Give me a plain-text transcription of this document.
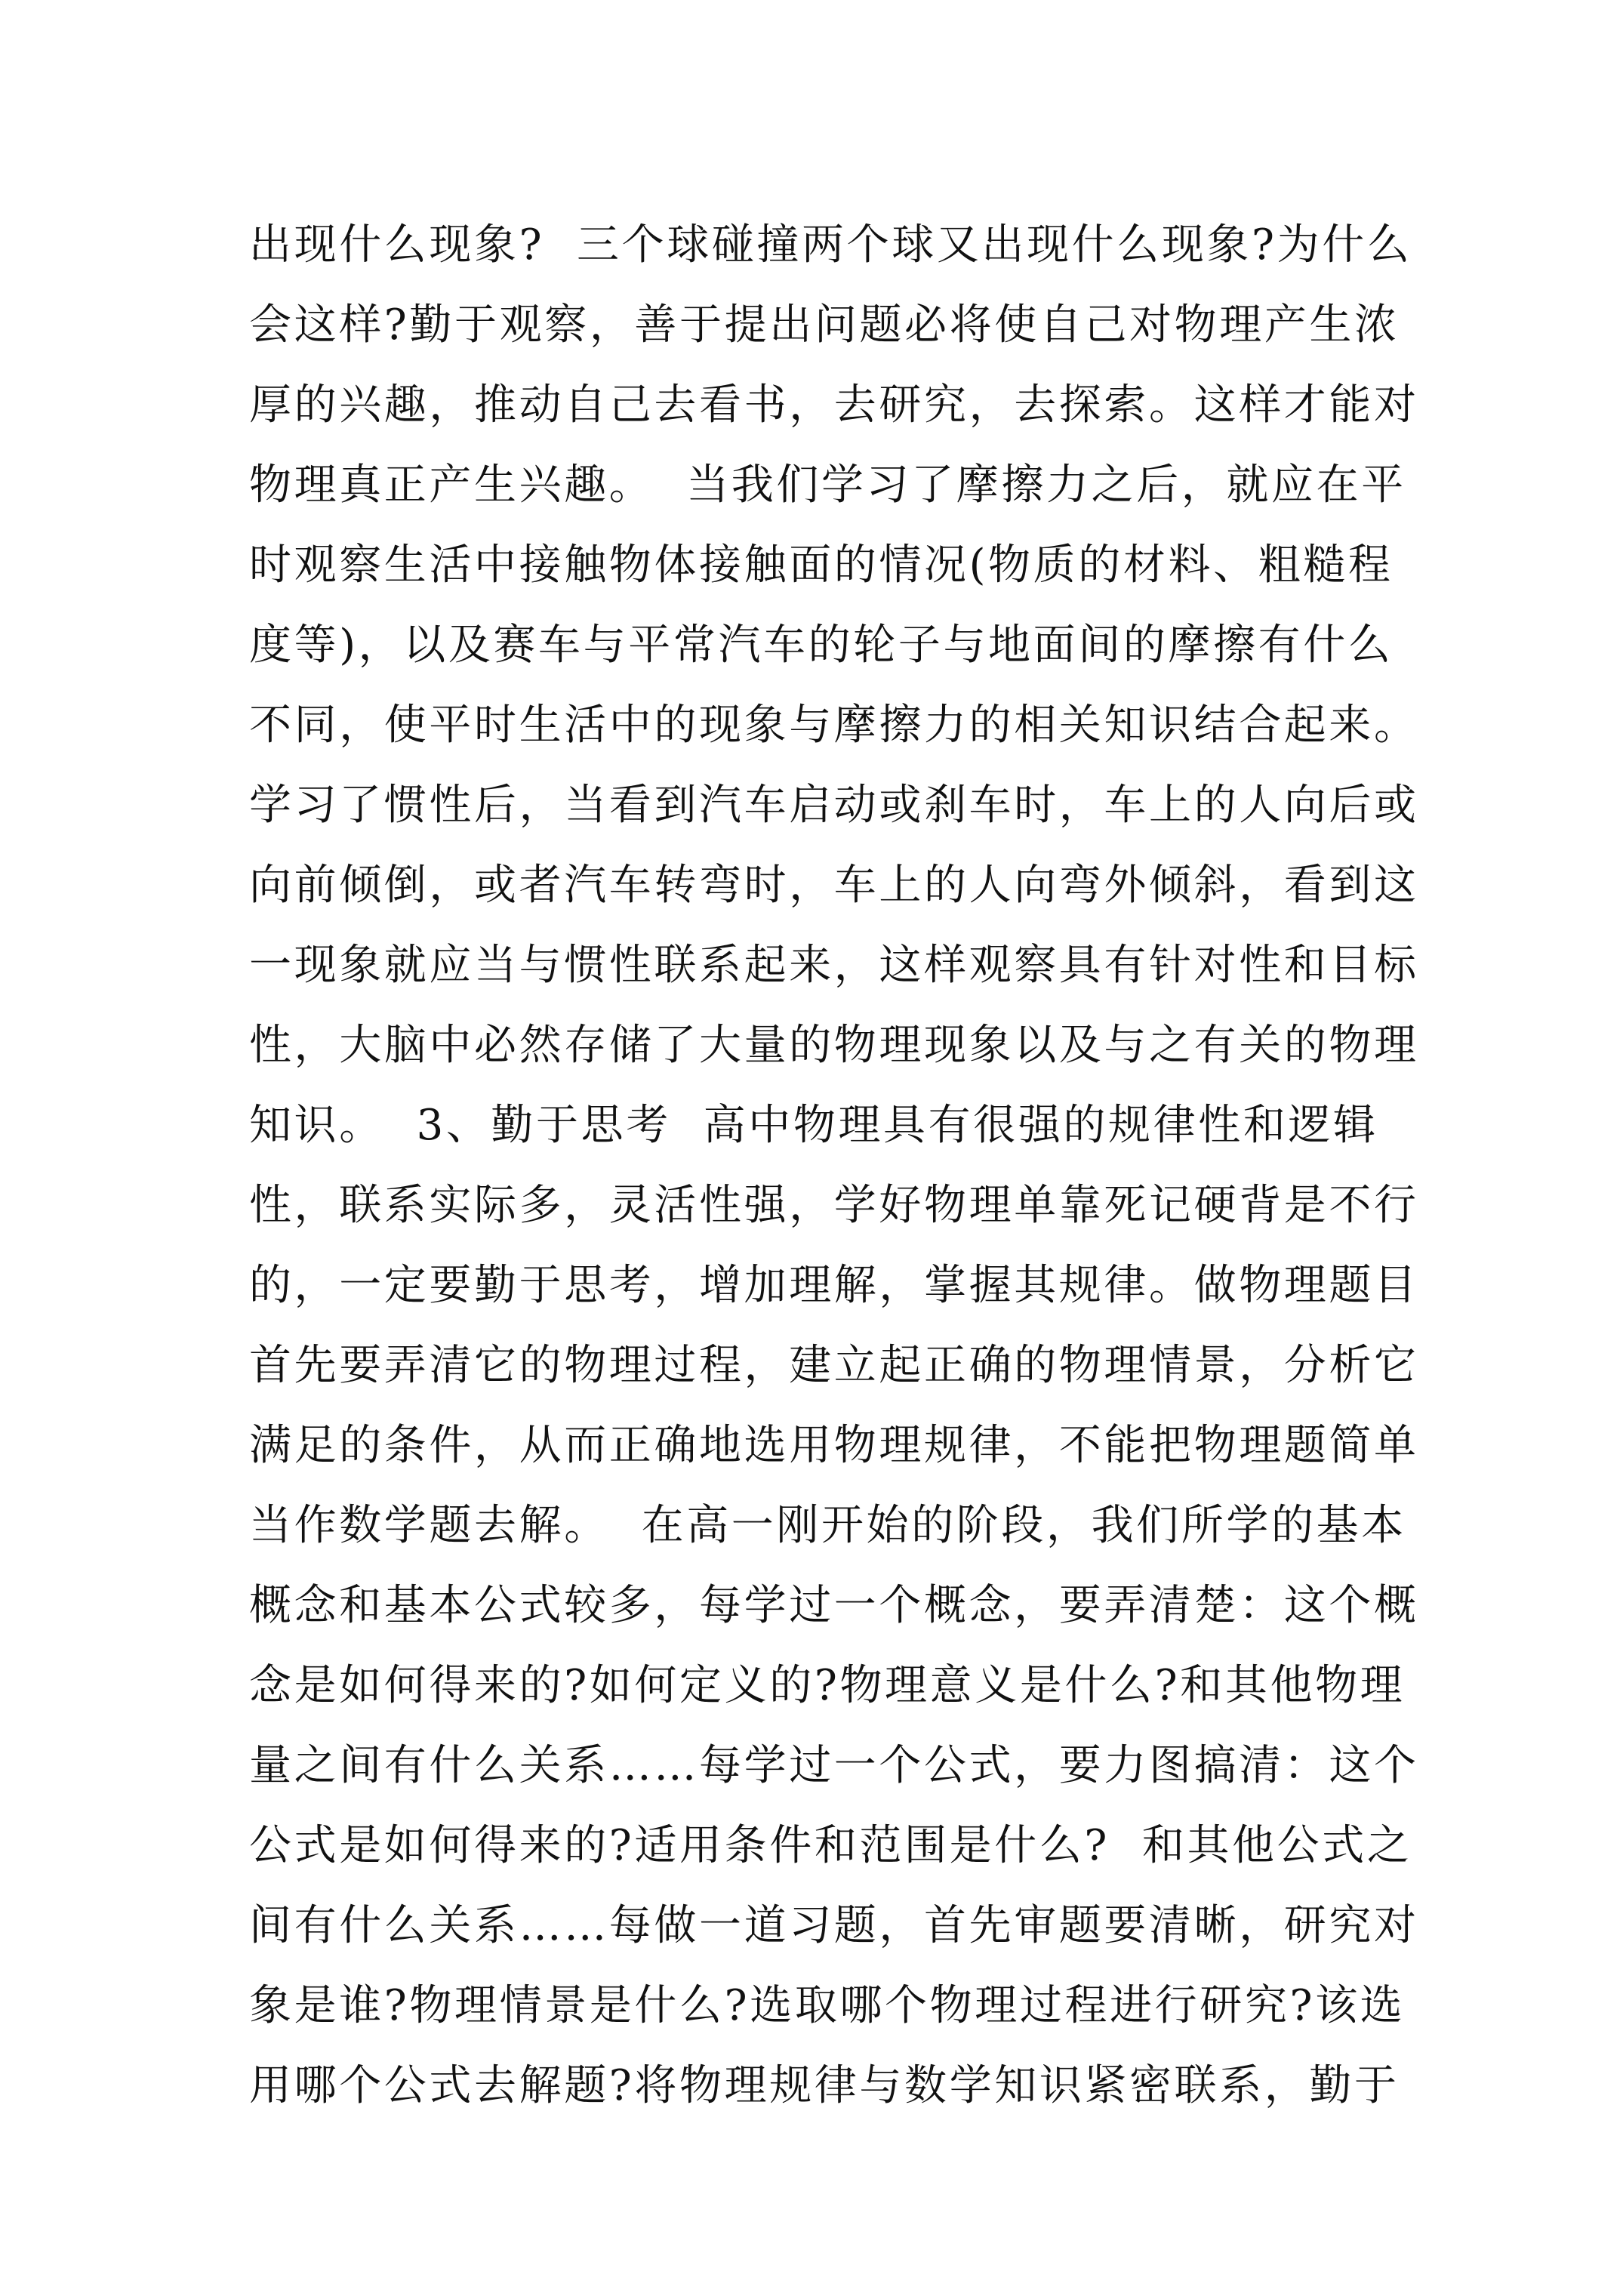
出现什么现象?  三个球碰撞两个球又出现什么现象?为什么
会这样?勤于观察，善于提出问题必将使自己对物理产生浓
厚的兴趣，推动自己去看书，去研究，去探索。这样才能对
物理真正产生兴趣。  当我们学习了摩擦力之后，就应在平
时观察生活中接触物体接触面的情况(物质的材料、粗糙程
度等)，以及赛车与平常汽车的轮子与地面间的摩擦有什么
不同，使平时生活中的现象与摩擦力的相关知识结合起来。
学习了惯性后，当看到汽车启动或刹车时，车上的人向后或
向前倾倒，或者汽车转弯时，车上的人向弯外倾斜，看到这
一现象就应当与惯性联系起来，这样观察具有针对性和目标
性，大脑中必然存储了大量的物理现象以及与之有关的物理
知识。  3、勤于思考  高中物理具有很强的规律性和逻辑
性，联系实际多，灵活性强，学好物理单靠死记硬背是不行
的，一定要勤于思考，增加理解，掌握其规律。做物理题目
首先要弄清它的物理过程，建立起正确的物理情景，分析它
满足的条件，从而正确地选用物理规律，不能把物理题简单
当作数学题去解。  在高一刚开始的阶段，我们所学的基本
概念和基本公式较多，每学过一个概念，要弄清楚：这个概
念是如何得来的?如何定义的?物理意义是什么?和其他物理
量之间有什么关系……每学过一个公式，要力图搞清：这个
公式是如何得来的?适用条件和范围是什么?  和其他公式之
间有什么关系……每做一道习题，首先审题要清晰，研究对
象是谁?物理情景是什么?选取哪个物理过程进行研究?该选
用哪个公式去解题?将物理规律与数学知识紧密联系，勤于
